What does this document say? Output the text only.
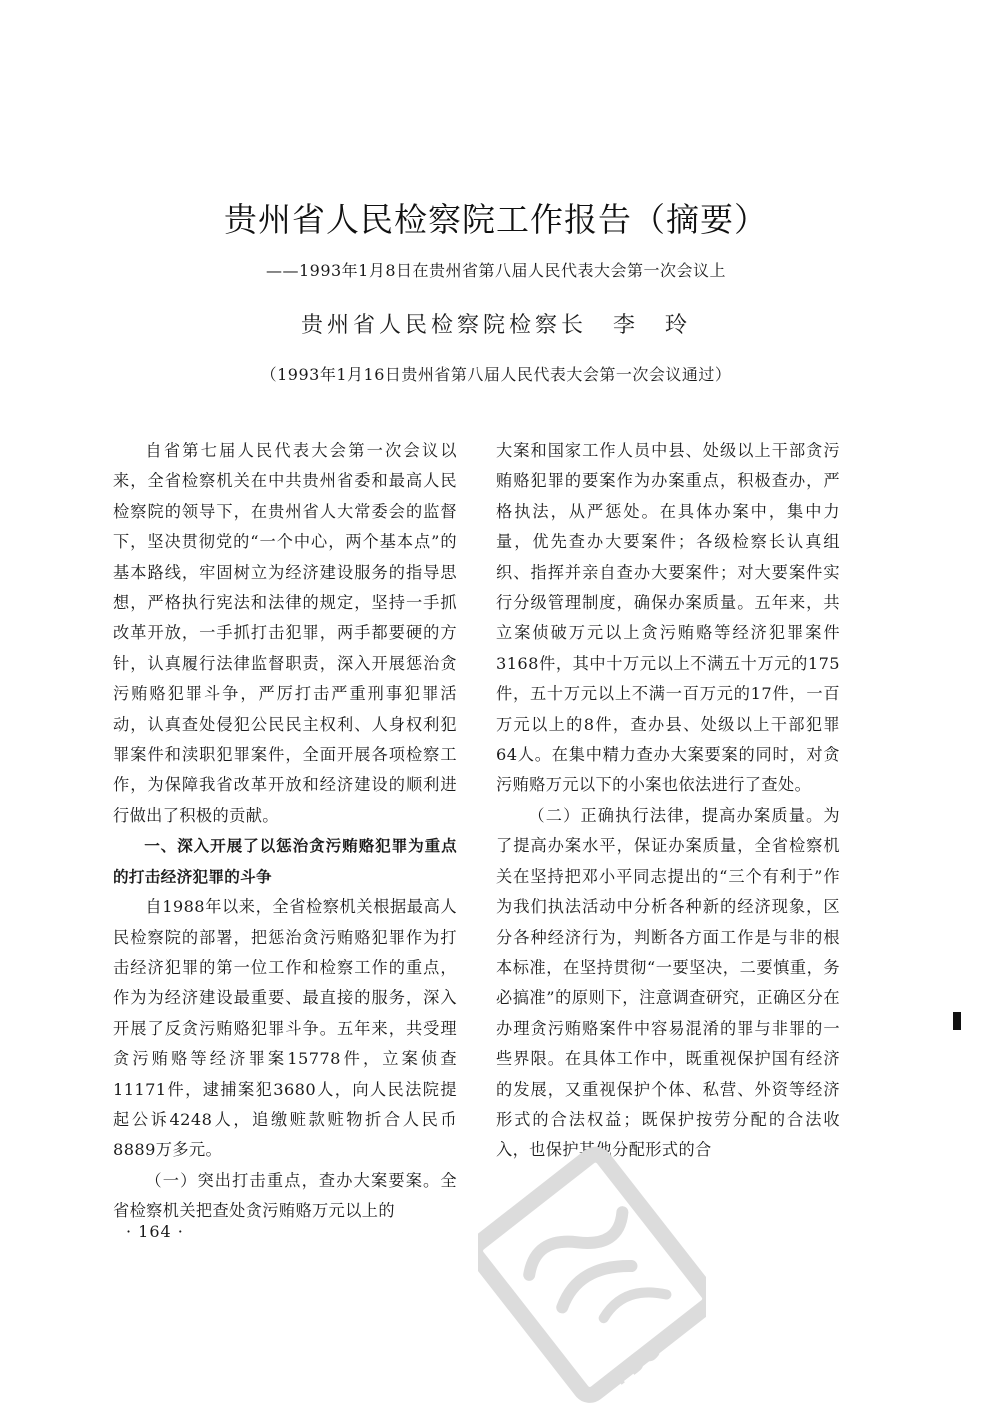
贵州省人民检察院工作报告（摘要）
——1993年1月8日在贵州省第八届人民代表大会第一次会议上
贵州省人民检察院检察长　李　玲
（1993年1月16日贵州省第八届人民代表大会第一次会议通过）

自省第七届人民代表大会第一次会议以来，全省检察机关在中共贵州省委和最高人民检察院的领导下，在贵州省人大常委会的监督下，坚决贯彻党的“一个中心，两个基本点”的基本路线，牢固树立为经济建设服务的指导思想，严格执行宪法和法律的规定，坚持一手抓改革开放，一手抓打击犯罪，两手都要硬的方针，认真履行法律监督职责，深入开展惩治贪污贿赂犯罪斗争，严厉打击严重刑事犯罪活动，认真查处侵犯公民民主权利、人身权利犯罪案件和渎职犯罪案件，全面开展各项检察工作，为保障我省改革开放和经济建设的顺利进行做出了积极的贡献。

一、深入开展了以惩治贪污贿赂犯罪为重点的打击经济犯罪的斗争

自1988年以来，全省检察机关根据最高人民检察院的部署，把惩治贪污贿赂犯罪作为打击经济犯罪的第一位工作和检察工作的重点，作为为经济建设最重要、最直接的服务，深入开展了反贪污贿赂犯罪斗争。五年来，共受理贪污贿赂等经济罪案15778件，立案侦查11171件，逮捕案犯3680人，向人民法院提起公诉4248人，追缴赃款赃物折合人民币8889万多元。

（一）突出打击重点，查办大案要案。全省检察机关把查处贪污贿赂万元以上的

大案和国家工作人员中县、处级以上干部贪污贿赂犯罪的要案作为办案重点，积极查办，严格执法，从严惩处。在具体办案中，集中力量，优先查办大要案件；各级检察长认真组织、指挥并亲自查办大要案件；对大要案件实行分级管理制度，确保办案质量。五年来，共立案侦破万元以上贪污贿赂等经济犯罪案件3168件，其中十万元以上不满五十万元的175件，五十万元以上不满一百万元的17件，一百万元以上的8件，查办县、处级以上干部犯罪64人。在集中精力查办大案要案的同时，对贪污贿赂万元以下的小案也依法进行了查处。

（二）正确执行法律，提高办案质量。为了提高办案水平，保证办案质量，全省检察机关在坚持把邓小平同志提出的“三个有利于”作为我们执法活动中分析各种新的经济现象，区分各种经济行为，判断各方面工作是与非的根本标准，在坚持贯彻“一要坚决，二要慎重，务必搞准”的原则下，注意调查研究，正确区分在办理贪污贿赂案件中容易混淆的罪与非罪的一些界限。在具体工作中，既重视保护国有经济的发展，又重视保护个体、私营、外资等经济形式的合法权益；既保护按劳分配的合法收入，也保护其他分配形式的合

· 164 ·
PDG
